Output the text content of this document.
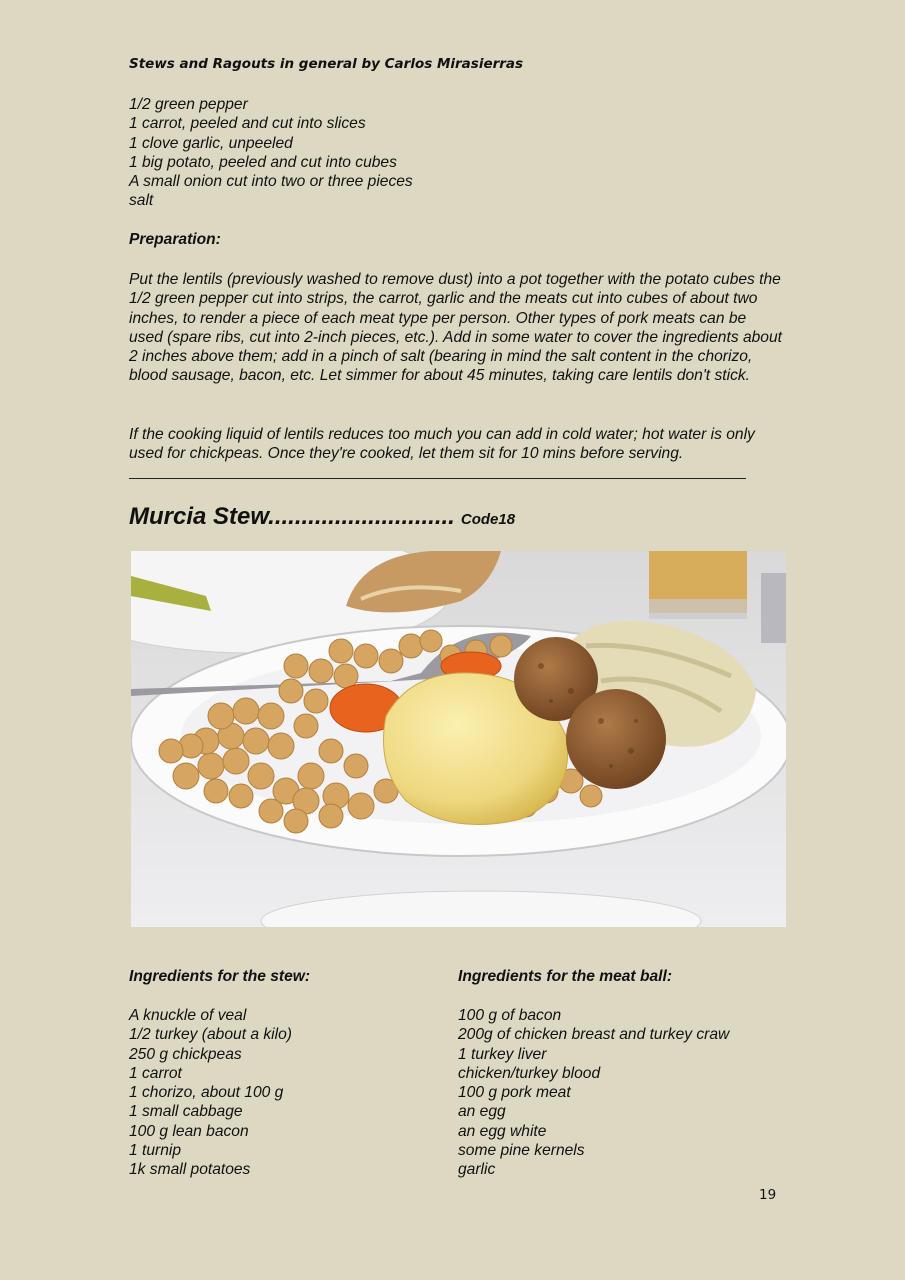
Stews and Ragouts in general by Carlos Mirasierras
1/2 green pepper
1 carrot, peeled and cut into slices
1 clove garlic, unpeeled
1 big potato, peeled and cut into cubes
A small onion cut into two or three pieces
salt
Preparation:
Put the lentils (previously washed to remove dust) into a pot together with the potato cubes the 1/2 green pepper cut into strips, the carrot, garlic and the meats cut into cubes of about two inches, to render a piece of each meat type per person. Other types of pork meats can be used (spare ribs, cut into 2-inch pieces, etc.). Add in some water to cover the ingredients about 2 inches above them; add in a pinch of salt (bearing in mind the salt content in the chorizo, blood sausage, bacon, etc. Let simmer for about 45 minutes, taking care lentils don't stick.
If the cooking liquid of lentils reduces too much you can add in cold water; hot water is only used for chickpeas. Once they're cooked, let them sit for 10 mins before serving.
Murcia Stew............................ Code18
Ingredients for the stew:
A knuckle of veal
1/2 turkey (about a kilo)
250 g chickpeas
1 carrot
1 chorizo, about 100 g
1 small cabbage
100 g lean bacon
1 turnip
1k small potatoes
Ingredients for the meat ball:
100 g of bacon
200g of chicken breast and turkey craw
1 turkey liver
chicken/turkey blood
100 g pork meat
an egg
an egg white
some pine kernels
garlic
19
